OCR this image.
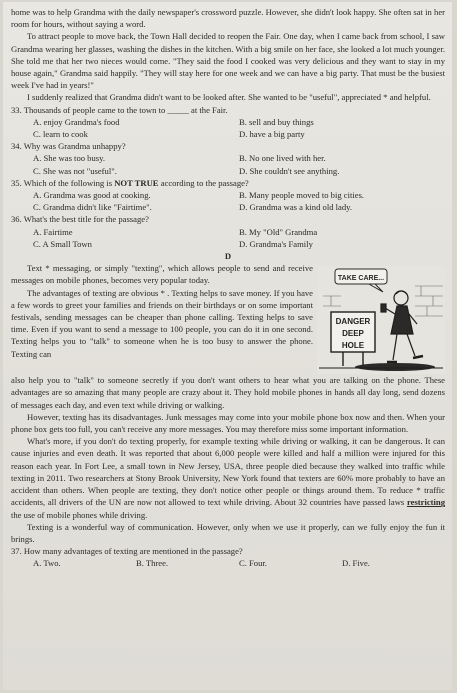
home was to help Grandma with the daily newspaper's crossword puzzle. However, she didn't look happy. She often sat in her room for hours, without saying a word.

To attract people to move back, the Town Hall decided to reopen the Fair. One day, when I came back from school, I saw Grandma wearing her glasses, washing the dishes in the kitchen. With a big smile on her face, she looked a lot much younger. She told me that her two nieces would come. "They said the food I cooked was very delicious and they want to stay in my house again," Grandma said happily. "They will stay here for one week and we can have a big party. That must be the busiest week I've had in years!"

I suddenly realized that Grandma didn't want to be looked after. She wanted to be "useful", appreciated * and helpful.

33. Thousands of people came to the town to _____ at the Fair.

A. enjoy Grandma's food	B. sell and buy things
C. learn to cook	D. have a big party

34. Why was Grandma unhappy?

A. She was too busy.	B. No one lived with her.
C. She was not "useful".	D. She couldn't see anything.

35. Which of the following is NOT TRUE according to the passage?

A. Grandma was good at cooking.	B. Many people moved to big cities.
C. Grandma didn't like "Fairtime".	D. Grandma was a kind old lady.

36. What's the best title for the passage?

A. Fairtime	B. My "Old" Grandma
C. A Small Town	D. Grandma's Family

D

Text * messaging, or simply "texting", which allows people to send and receive messages on mobile phones, becomes very popular today.

The advantages of texting are obvious * . Texting helps to save money. If you have a few words to greet your families and friends on their birthdays or on some important festivals, sending messages can be cheaper than phone calling. Texting helps to save time. Even if you want to send a message to 100 people, you can do it in one second. Texting helps you to "talk" to someone when he is too busy to answer the phone. Texting can

TAKE CARE...
DANGER
DEEP
HOLE

also help you to "talk" to someone secretly if you don't want others to hear what you are talking on the phone. These advantages are so amazing that many people are crazy about it. They hold mobile phones in hands all day long, send dozens of messages each day, and even text while driving or walking.

However, texting has its disadvantages. Junk messages may come into your mobile phone box now and then. When your phone box gets too full, you can't receive any more messages. You may therefore miss some important information.

What's more, if you don't do texting properly, for example texting while driving or walking, it can be dangerous. It can cause injuries and even death. It was reported that about 6,000 people were killed and half a million were injured for this reason each year. In Fort Lee, a small town in New Jersey, USA, three people died because they walked into traffic while texting in 2011. Two researchers at Stony Brook University, New York found that texters are 60% more probably to have an accident than others. When people are texting, they don't notice other people or things around them. To reduce * traffic accidents, all drivers of the UN are now not allowed to text while driving. About 32 countries have passed laws restricting the use of mobile phones while driving.

Texting is a wonderful way of communication. However, only when we use it properly, can we fully enjoy the fun it brings.

37. How many advantages of texting are mentioned in the passage?

A. Two.	B. Three.	C. Four.	D. Five.
